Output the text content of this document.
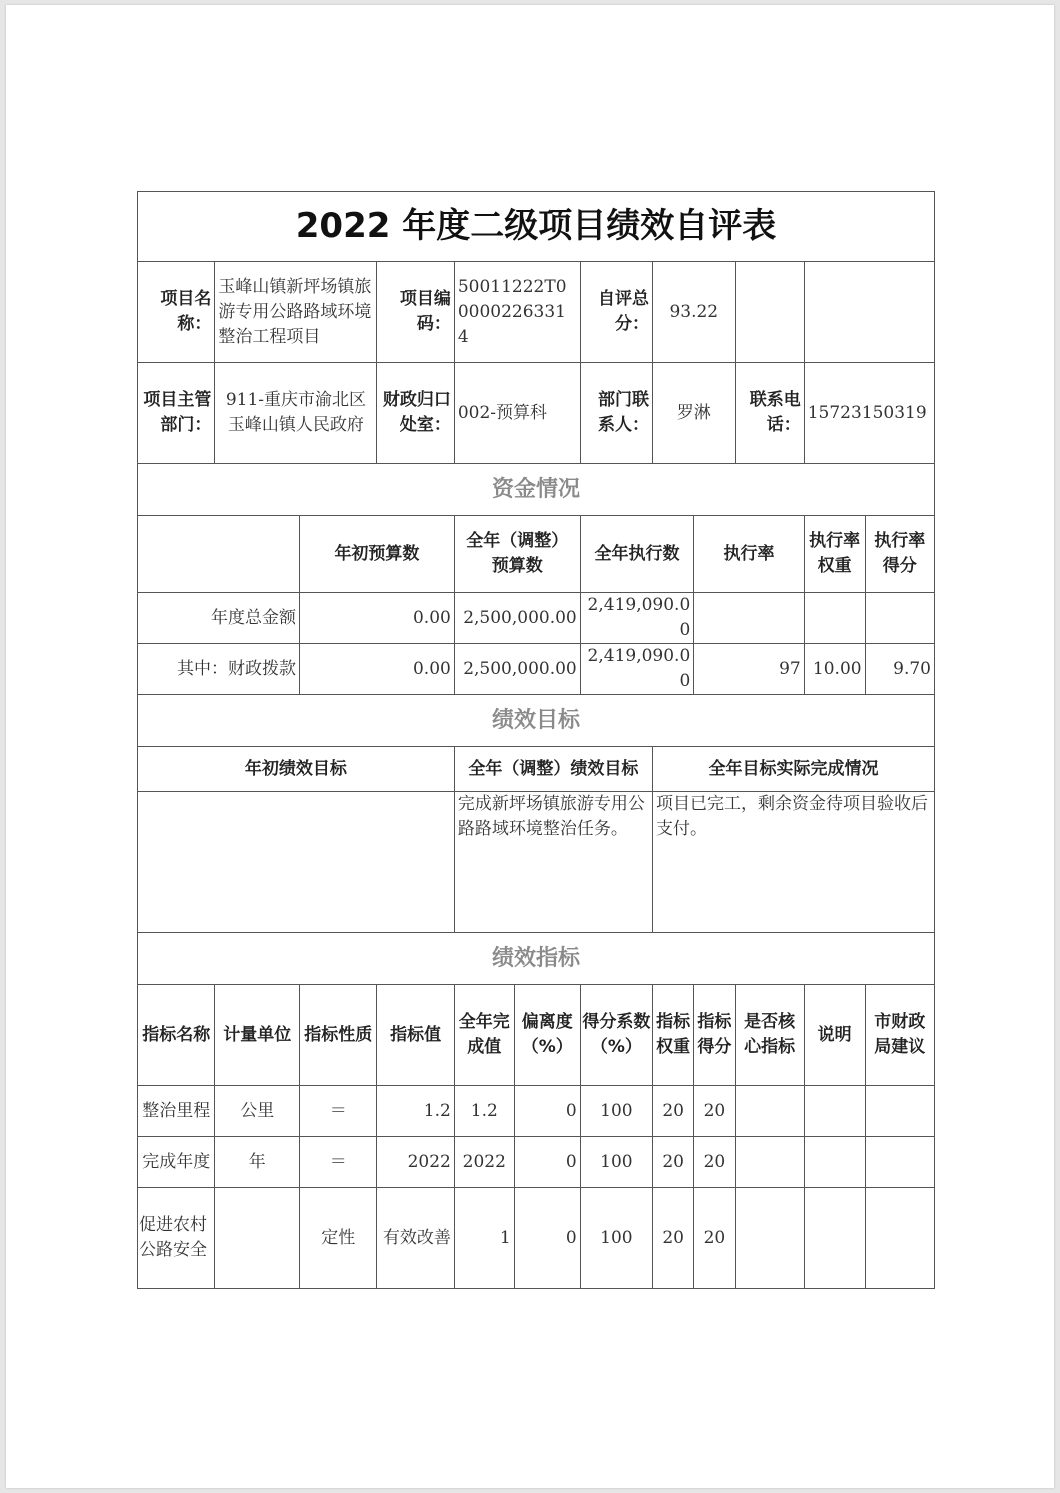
2022 年度二级项目绩效自评表											
项目名称：	玉峰山镇新坪场镇旅游专用公路路域环境整治工程项目		项目编码：	50011222T000002263314		自评总分：	93.22				
项目主管部门：	911-重庆市渝北区玉峰山镇人民政府		财政归口处室：	002-预算科		部门联系人：	罗淋		联系电话：	15723150319	
资金情况											
		年初预算数		全年（调整）预算数		全年执行数		执行率		执行率权重	执行率得分
年度总金额		0.00		2,500,000.00		2,419,090.00					
其中：财政拨款		0.00		2,500,000.00		2,419,090.00		97		10.00	9.70
绩效目标											
年初绩效目标				全年（调整）绩效目标			全年目标实际完成情况				
				完成新坪场镇旅游专用公路路域环境整治任务。			项目已完工，剩余资金待项目验收后支付。				
绩效指标											
指标名称	计量单位	指标性质	指标值	全年完成值	偏离度（%）	得分系数（%）	指标权重	指标得分	是否核心指标	说明	市财政局建议
整治里程	公里	＝	1.2	1.2	0	100	20	20			
完成年度	年	＝	2022	2022	0	100	20	20			
促进农村公路安全		定性	有效改善	1	0	100	20	20			
